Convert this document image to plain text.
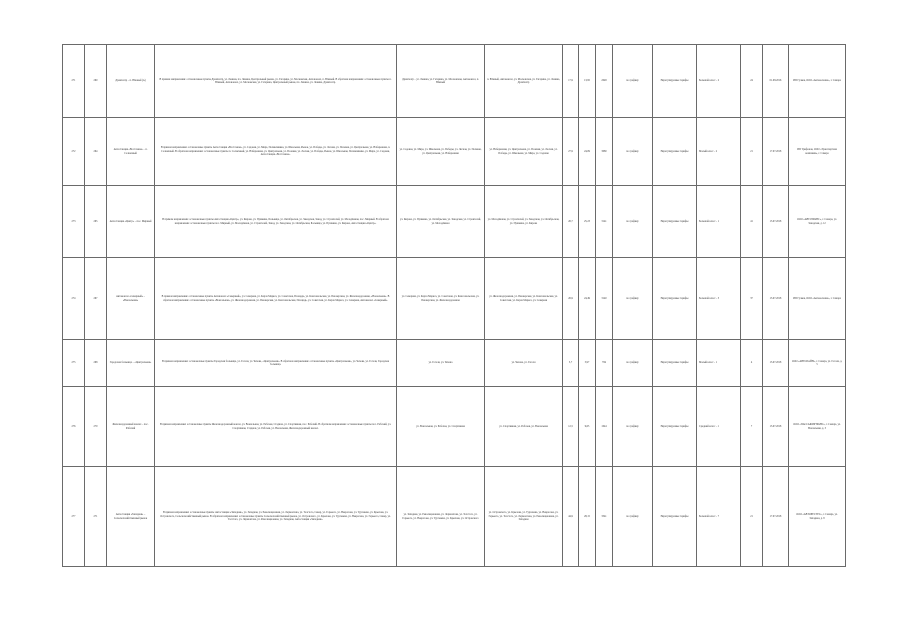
271	260	Драмтеатр – п. Южный (А)	В прямом направлении: остановочные пункты Драмтеатр, ул. Ленина, пл. Ленина, Центральный рынок, ул. Гагарина, ул. Московская, Автовокзал, п. Южный. В обратном направлении: остановочные пункты п. Южный, Автовокзал, ул. Московская, ул. Гагарина, Центральный рынок, пл. Ленина, ул. Ленина, Драмтеатр.	Драмтеатр – ул. Ленина, ул. Гагарина, ул. Московская, Автовокзал, п. Южный	п. Южный, Автовокзал, ул. Московская, ул. Гагарина, ул. Ленина, Драмтеатр	17,9	13,95	2048	по графику	Нерегулируемые тарифы	Большой класс - 2	24	01.08.2016	ИП Гуляев, ООО «Автоколонна», г. Самара
272	264	Автостанция «Восточная» – п. Солнечный	В прямом направлении: остановочные пункты Автостанция «Восточная», ул. Садовая, ул. Мира, Поликлиника, ул. Школьная, Рынок, ул. Победы, ул. Лесная, ул. Полевая, ул. Центральная, ул. Набережная, п. Солнечный. В обратном направлении: остановочные пункты п. Солнечный, ул. Набережная, ул. Центральная, ул. Полевая, ул. Лесная, ул. Победы, Рынок, ул. Школьная, Поликлиника, ул. Мира, ул. Садовая, Автостанция «Восточная».	ул. Садовая, ул. Мира, ул. Школьная, ул. Победы, ул. Лесная, ул. Полевая, ул. Центральная, ул. Набережная	ул. Набережная, ул. Центральная, ул. Полевая, ул. Лесная, ул. Победы, ул. Школьная, ул. Мира, ул. Садовая	27,9	24,09	3080	по графику	Нерегулируемые тарифы	Малый класс - 2	21	17.07.2018	ИП Трифонов, ООО «Транспортная компания», г. Самара
273	265	Автостанция «Центр» – пос. Мирный	В прямом направлении: остановочные пункты Автостанция «Центр», ул. Кирова, ул. Пушкина, Больница, ул. Октябрьская, ул. Заводская, Завод, ул. Строителей, ул. Молодёжная, пос. Мирный. В обратном направлении: остановочные пункты пос. Мирный, ул. Молодёжная, ул. Строителей, Завод, ул. Заводская, ул. Октябрьская, Больница, ул. Пушкина, ул. Кирова, Автостанция «Центр».	ул. Кирова, ул. Пушкина, ул. Октябрьская, ул. Заводская, ул. Строителей, ул. Молодёжная	ул. Молодёжная, ул. Строителей, ул. Заводская, ул. Октябрьская, ул. Пушкина, ул. Кирова	26,7	25,23	3141	по графику	Нерегулируемые тарифы	Большой класс - 1	41	13.07.2018	ООО «АВТОТРАНС», г. Самара, ул. Заводская, д. 12
274	267	Автовокзал «Северный» – «Вокзальная»	В прямом направлении: остановочные пункты Автовокзал «Северный», ул. Северная, ул. Карла Маркса, ул. Советская, Площадь, ул. Комсомольская, ул. Пионерская, ул. Железнодорожная, «Вокзальная». В обратном направлении: остановочные пункты «Вокзальная», ул. Железнодорожная, ул. Пионерская, ул. Комсомольская, Площадь, ул. Советская, ул. Карла Маркса, ул. Северная, Автовокзал «Северный».	ул. Северная, ул. Карла Маркса, ул. Советская, ул. Комсомольская, ул. Пионерская, ул. Железнодорожная	ул. Железнодорожная, ул. Пионерская, ул. Комсомольская, ул. Советская, ул. Карла Маркса, ул. Северная	26,9	24,49	3140	по графику	Нерегулируемые тарифы	Большой класс - 3	37	13.07.2018	ИП Гуляев, ООО «Автоколонна», г. Самара
275	268	Городская больница – «Центральная»	В прямом направлении: остановочные пункты Городская больница, ул. Гоголя, ул. Чехова, «Центральная». В обратном направлении: остановочные пункты «Центральная», ул. Чехова, ул. Гоголя, Городская больница.	ул. Гоголя, ул. Чехова	ул. Чехова, ул. Гоголя	5,7	5,97	784	по графику	Нерегулируемые тарифы	Малый класс - 1	4	13.07.2018	ООО «АВТОЛАЙН», г. Самара, ул. Гоголя, д. 5
276	270	Железнодорожный вокзал – пос. Рабочий	В прямом направлении: остановочные пункты Железнодорожный вокзал, ул. Вокзальная, ул. Рабочая, Стадион, ул. Спортивная, пос. Рабочий. В обратном направлении: остановочные пункты пос. Рабочий, ул. Спортивная, Стадион, ул. Рабочая, ул. Вокзальная, Железнодорожный вокзал.	ул. Вокзальная, ул. Рабочая, ул. Спортивная	ул. Спортивная, ул. Рабочая, ул. Вокзальная	12,5	9,65	1044	по графику	Нерегулируемые тарифы	Средний класс - 1	7	13.07.2018	ООО «ПАССАЖИРТРАНС», г. Самара, ул. Вокзальная, д. 3
277	271	Автостанция «Западная» – Сельскохозяйственный рынок	В прямом направлении: остановочные пункты Автостанция «Западная», ул. Западная, ул. Революционная, ул. Лермонтова, ул. Толстого, Сквер, ул. Горького, ул. Некрасова, ул. Тургенева, ул. Крылова, ул. Островского, Сельскохозяйственный рынок. В обратном направлении: остановочные пункты Сельскохозяйственный рынок, ул. Островского, ул. Крылова, ул. Тургенева, ул. Некрасова, ул. Горького, Сквер, ул. Толстого, ул. Лермонтова, ул. Революционная, ул. Западная, Автостанция «Западная».	ул. Западная, ул. Революционная, ул. Лермонтова, ул. Толстого, ул. Горького, ул. Некрасова, ул. Тургенева, ул. Крылова, ул. Островского	ул. Островского, ул. Крылова, ул. Тургенева, ул. Некрасова, ул. Горького, ул. Толстого, ул. Лермонтова, ул. Революционная, ул. Западная	44,9	28,15	3541	по графику	Нерегулируемые тарифы	Большой класс - 7	21	17.07.2018	ООО «АВТОРЕСУРС», г. Самара, ул. Западная, д. 8
